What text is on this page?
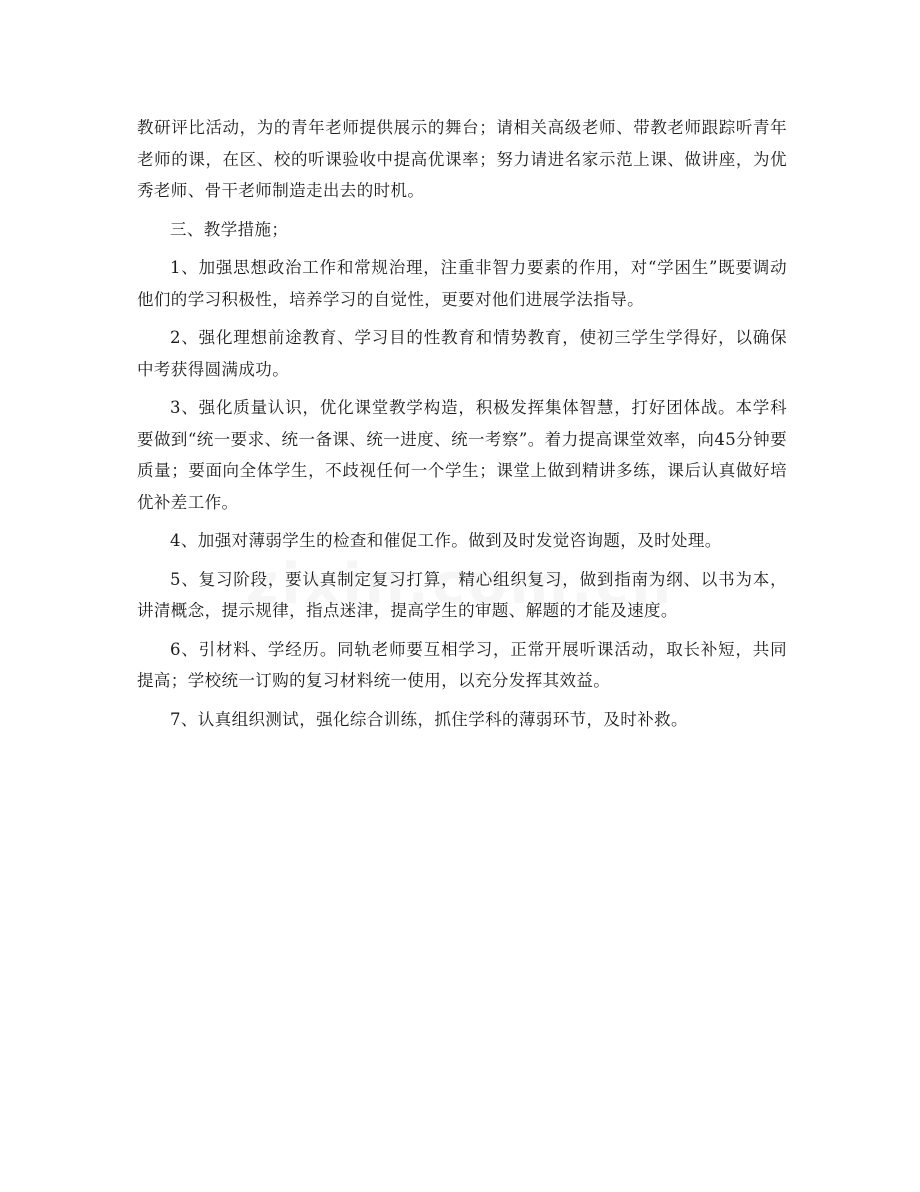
教研评比活动，为的青年老师提供展示的舞台；请相关高级老师、带教老师跟踪听青年老师的课，在区、校的听课验收中提高优课率；努力请进名家示范上课、做讲座，为优秀老师、骨干老师制造走出去的时机。

三、教学措施；

1、加强思想政治工作和常规治理，注重非智力要素的作用，对“学困生”既要调动他们的学习积极性，培养学习的自觉性，更要对他们进展学法指导。

2、强化理想前途教育、学习目的性教育和情势教育，使初三学生学得好，以确保中考获得圆满成功。

3、强化质量认识，优化课堂教学构造，积极发挥集体智慧，打好团体战。本学科要做到“统一要求、统一备课、统一进度、统一考察”。着力提高课堂效率，向45分钟要质量；要面向全体学生，不歧视任何一个学生；课堂上做到精讲多练，课后认真做好培优补差工作。

4、加强对薄弱学生的检查和催促工作。做到及时发觉咨询题，及时处理。

5、复习阶段，要认真制定复习打算，精心组织复习，做到指南为纲、以书为本，讲清概念，提示规律，指点迷津，提高学生的审题、解题的才能及速度。

6、引材料、学经历。同轨老师要互相学习，正常开展听课活动，取长补短，共同提高；学校统一订购的复习材料统一使用，以充分发挥其效益。

7、认真组织测试，强化综合训练，抓住学科的薄弱环节，及时补救。
